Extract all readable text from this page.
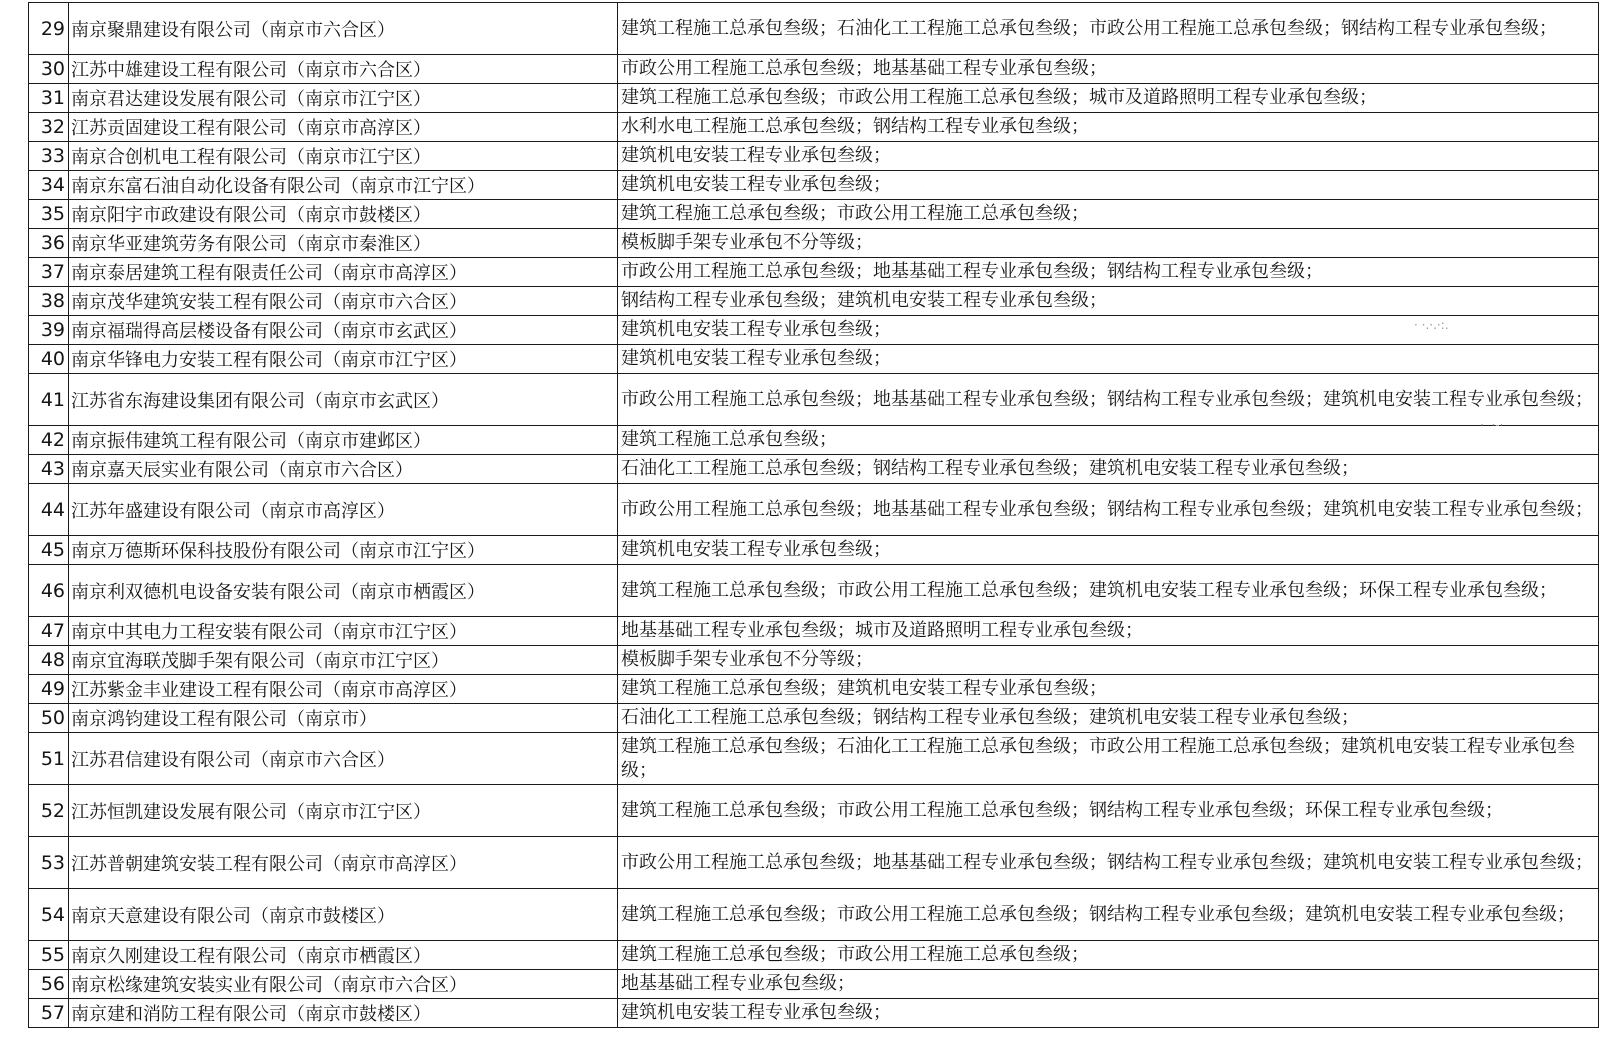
29	南京聚鼎建设有限公司（南京市六合区）	建筑工程施工总承包叁级；石油化工工程施工总承包叁级；市政公用工程施工总承包叁级；钢结构工程专业承包叁级；
30	江苏中雄建设工程有限公司（南京市六合区）	市政公用工程施工总承包叁级；地基基础工程专业承包叁级；
31	南京君达建设发展有限公司（南京市江宁区）	建筑工程施工总承包叁级；市政公用工程施工总承包叁级；城市及道路照明工程专业承包叁级；
32	江苏贡固建设工程有限公司（南京市高淳区）	水利水电工程施工总承包叁级；钢结构工程专业承包叁级；
33	南京合创机电工程有限公司（南京市江宁区）	建筑机电安装工程专业承包叁级；
34	南京东富石油自动化设备有限公司（南京市江宁区）	建筑机电安装工程专业承包叁级；
35	南京阳宇市政建设有限公司（南京市鼓楼区）	建筑工程施工总承包叁级；市政公用工程施工总承包叁级；
36	南京华亚建筑劳务有限公司（南京市秦淮区）	模板脚手架专业承包不分等级；
37	南京泰居建筑工程有限责任公司（南京市高淳区）	市政公用工程施工总承包叁级；地基基础工程专业承包叁级；钢结构工程专业承包叁级；
38	南京茂华建筑安装工程有限公司（南京市六合区）	钢结构工程专业承包叁级；建筑机电安装工程专业承包叁级；
39	南京福瑞得高层楼设备有限公司（南京市玄武区）	建筑机电安装工程专业承包叁级；
40	南京华锋电力安装工程有限公司（南京市江宁区）	建筑机电安装工程专业承包叁级；
41	江苏省东海建设集团有限公司（南京市玄武区）	市政公用工程施工总承包叁级；地基基础工程专业承包叁级；钢结构工程专业承包叁级；建筑机电安装工程专业承包叁级；
42	南京振伟建筑工程有限公司（南京市建邺区）	建筑工程施工总承包叁级；
43	南京嘉天辰实业有限公司（南京市六合区）	石油化工工程施工总承包叁级；钢结构工程专业承包叁级；建筑机电安装工程专业承包叁级；
44	江苏年盛建设有限公司（南京市高淳区）	市政公用工程施工总承包叁级；地基基础工程专业承包叁级；钢结构工程专业承包叁级；建筑机电安装工程专业承包叁级；
45	南京万德斯环保科技股份有限公司（南京市江宁区）	建筑机电安装工程专业承包叁级；
46	南京利双德机电设备安装有限公司（南京市栖霞区）	建筑工程施工总承包叁级；市政公用工程施工总承包叁级；建筑机电安装工程专业承包叁级；环保工程专业承包叁级；
47	南京中其电力工程安装有限公司（南京市江宁区）	地基基础工程专业承包叁级；城市及道路照明工程专业承包叁级；
48	南京宜海联茂脚手架有限公司（南京市江宁区）	模板脚手架专业承包不分等级；
49	江苏紫金丰业建设工程有限公司（南京市高淳区）	建筑工程施工总承包叁级；建筑机电安装工程专业承包叁级；
50	南京鸿钧建设工程有限公司（南京市）	石油化工工程施工总承包叁级；钢结构工程专业承包叁级；建筑机电安装工程专业承包叁级；
51	江苏君信建设有限公司（南京市六合区）	建筑工程施工总承包叁级；石油化工工程施工总承包叁级；市政公用工程施工总承包叁级；建筑机电安装工程专业承包叁级；
52	江苏恒凯建设发展有限公司（南京市江宁区）	建筑工程施工总承包叁级；市政公用工程施工总承包叁级；钢结构工程专业承包叁级；环保工程专业承包叁级；
53	江苏普朝建筑安装工程有限公司（南京市高淳区）	市政公用工程施工总承包叁级；地基基础工程专业承包叁级；钢结构工程专业承包叁级；建筑机电安装工程专业承包叁级；
54	南京天意建设有限公司（南京市鼓楼区）	建筑工程施工总承包叁级；市政公用工程施工总承包叁级；钢结构工程专业承包叁级；建筑机电安装工程专业承包叁级；
55	南京久刚建设工程有限公司（南京市栖霞区）	建筑工程施工总承包叁级；市政公用工程施工总承包叁级；
56	南京松缘建筑安装实业有限公司（南京市六合区）	地基基础工程专业承包叁级；
57	南京建和消防工程有限公司（南京市鼓楼区）	建筑机电安装工程专业承包叁级；
· ·.·.·:.
·  ·‑·
